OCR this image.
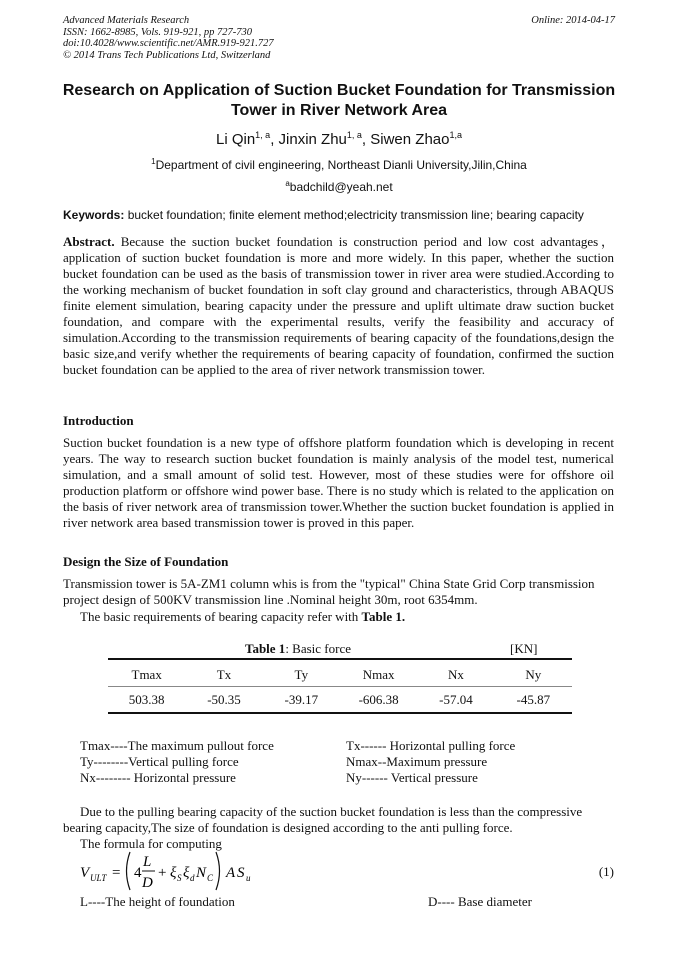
Advanced Materials Research
ISSN: 1662-8985, Vols. 919-921, pp 727-730
doi:10.4028/www.scientific.net/AMR.919-921.727
© 2014 Trans Tech Publications Ltd, Switzerland
Online: 2014-04-17
Research on Application of Suction Bucket Foundation for Transmission
Tower in River Network Area
Li Qin$^{1, a}$, Jinxin Zhu$^{1, a}$, Siwen Zhao$^{1,a}$
$^1$Department of civil engineering, Northeast Dianli University,Jilin,China
$^a$badchild@yeah.net
Keywords: bucket foundation; finite element method;electricity transmission line; bearing capacity
Abstract. Because the suction bucket foundation is construction period and low cost advantages，application of suction bucket foundation is more and more widely. In this paper, whether the suction bucket foundation can be used as the basis of transmission tower in river area were studied.According to the working mechanism of bucket foundation in soft clay ground and characteristics, through ABAQUS finite element simulation, bearing capacity under the pressure and uplift ultimate draw suction bucket foundation, and compare with the experimental results, verify the feasibility and accuracy of simulation.According to the transmission requirements of bearing capacity of the foundations,design the basic size,and verify whether the requirements of bearing capacity of foundation, confirmed the suction bucket foundation can be applied to the area of river network transmission tower.
Introduction
Suction bucket foundation is a new type of offshore platform foundation which is developing in recent years. The way to research suction bucket foundation is mainly analysis of the model test, numerical simulation, and a small amount of solid test. However, most of these studies were for offshore oil production platform or offshore wind power base. There is no study which is related to the application on the basis of river network area of transmission tower.Whether the suction bucket foundation is applied in river network area based transmission tower is proved in this paper.
Design the Size of Foundation
Transmission tower is 5A-ZM1 column whis is from the "typical" China State Grid Corp transmission
project design of 500KV transmission line .Nominal height 30m, root 6354mm.
The basic requirements of bearing capacity refer with Table 1.
Table 1: Basic force	[KN]
Tmax	Tx	Ty	Nmax	Nx	Ny
503.38	-50.35	-39.17	-606.38	-57.04	-45.87
Tmax----The maximum pullout force	Tx------ Horizontal pulling force
Ty--------Vertical pulling force	Nmax--Maximum pressure
Nx-------- Horizontal pressure	Ny------ Vertical pressure
Due to the pulling bearing capacity of the suction bucket foundation is less than the compressive
bearing capacity,The size of foundation is designed according to the anti pulling force.
The formula for computing
V ULT = 4
L
D
+ ξ S ξ d N C A S u	(1)
L----The height of foundation	D---- Base diameter
